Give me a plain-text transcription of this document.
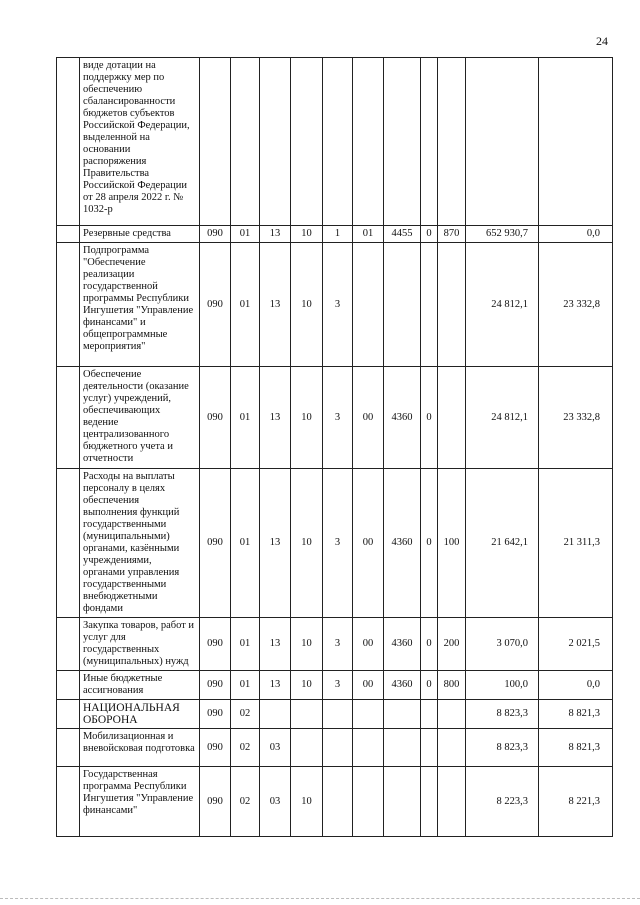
24
	виде дотации на поддержку мер по обеспечению сбалансированности бюджетов субъектов Российской Федерации, выделенной на основании распоряжения Правительства Российской Федерации от 28 апреля 2022 г. № 1032-р											
	Резервные средства	090	01	13	10	1	01	4455	0	870	652 930,7	0,0
	Подпрограмма "Обеспечение реализации государственной программы Республики Ингушетия "Управление финансами" и общепрограммные мероприятия"	090	01	13	10	3					24 812,1	23 332,8
	Обеспечение деятельности (оказание услуг) учреждений, обеспечивающих ведение централизованного бюджетного учета и отчетности	090	01	13	10	3	00	4360	0		24 812,1	23 332,8
	Расходы на выплаты персоналу в целях обеспечения выполнения функций государственными (муниципальными) органами, казёнными учреждениями, органами управления государственными внебюджетными фондами	090	01	13	10	3	00	4360	0	100	21 642,1	21 311,3
	Закупка товаров, работ и услуг для государственных (муниципальных) нужд	090	01	13	10	3	00	4360	0	200	3 070,0	2 021,5
	Иные бюджетные ассигнования	090	01	13	10	3	00	4360	0	800	100,0	0,0
	НАЦИОНАЛЬНАЯ ОБОРОНА	090	02								8 823,3	8 821,3
	Мобилизационная и вневойсковая подготовка	090	02	03							8 823,3	8 821,3
	Государственная программа Республики Ингушетия "Управление финансами"	090	02	03	10						8 223,3	8 221,3
